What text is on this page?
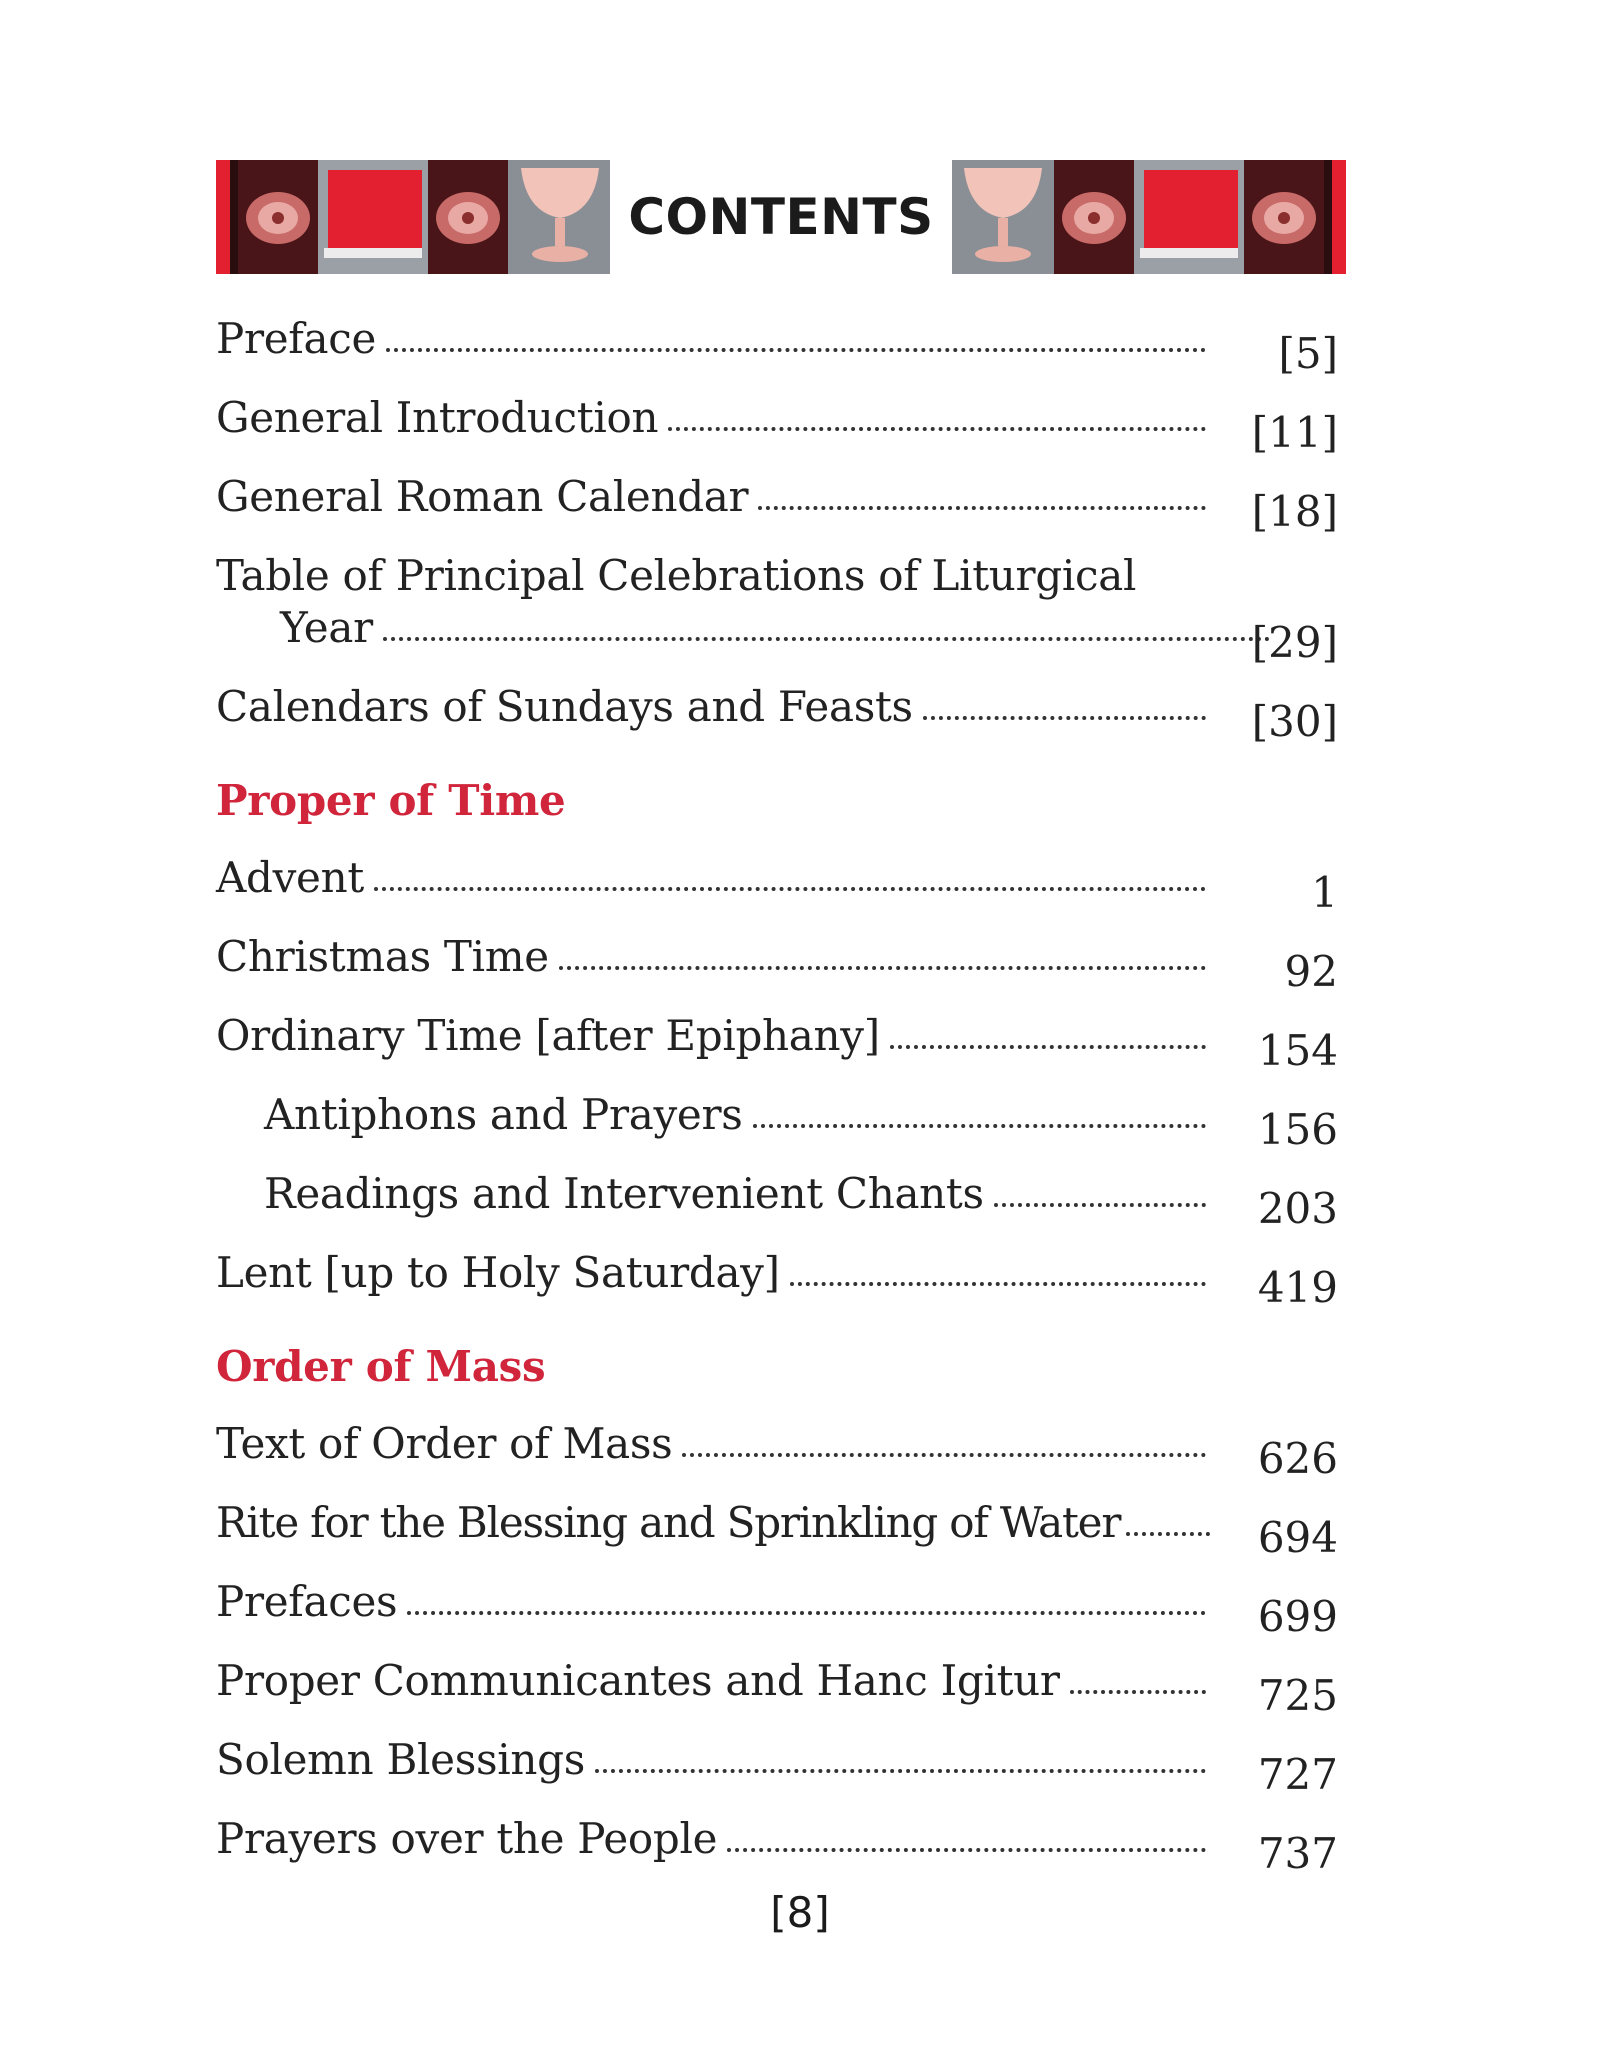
CONTENTS
Preface	[5]
General Introduction	[11]
General Roman Calendar	[18]
Table of Principal Celebrations of Liturgical
Year	[29]
Calendars of Sundays and Feasts	[30]
Proper of Time
Advent	1
Christmas Time	92
Ordinary Time [after Epiphany]	154
Antiphons and Prayers	156
Readings and Intervenient Chants	203
Lent [up to Holy Saturday]	419
Order of Mass
Text of Order of Mass	626
Rite for the Blessing and Sprinkling of Water	694
Prefaces	699
Proper Communicantes and Hanc Igitur	725
Solemn Blessings	727
Prayers over the People	737
[8]
